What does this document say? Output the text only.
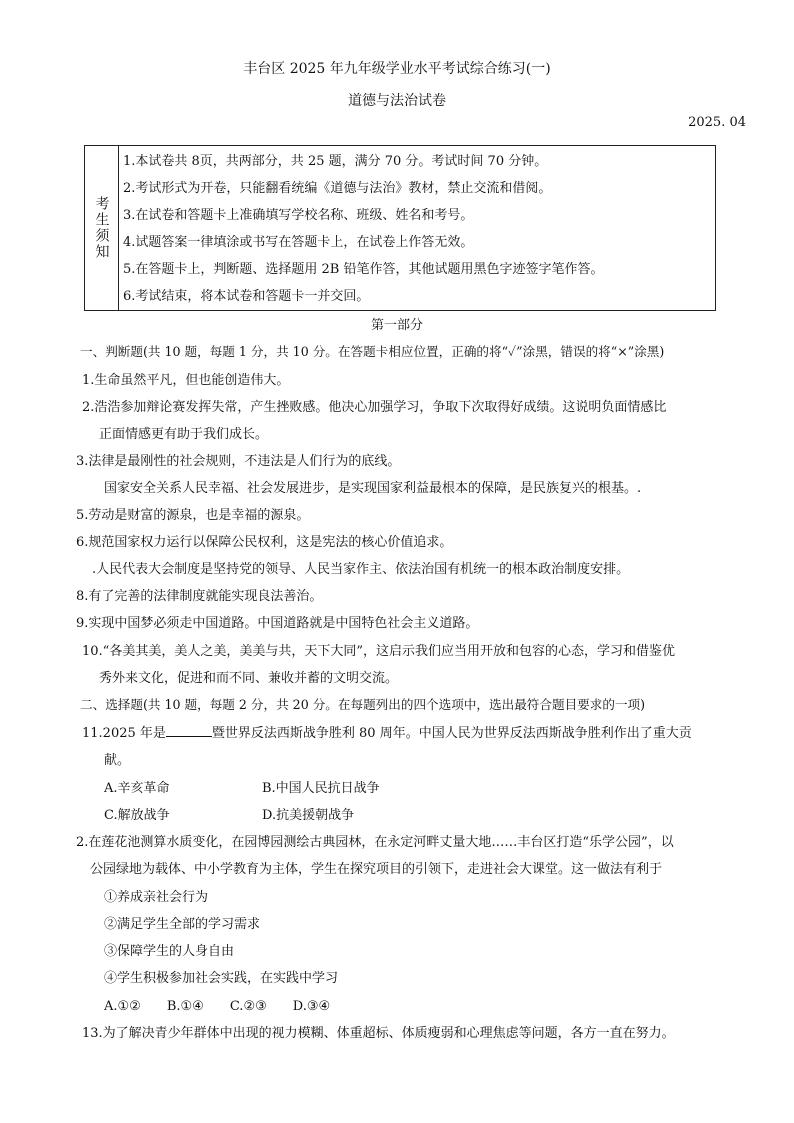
丰台区 2025 年九年级学业水平考试综合练习(一)
道德与法治试卷
2025. 04
考生须知
1.本试卷共 8页，共两部分，共 25 题，满分 70 分。考试时间 70 分钟。
2.考试形式为开卷，只能翻看统编《道德与法治》教材，禁止交流和借阅。
3.在试卷和答题卡上准确填写学校名称、班级、姓名和考号。
4.试题答案一律填涂或书写在答题卡上，在试卷上作答无效。
5.在答题卡上，判断题、选择题用 2B 铅笔作答，其他试题用黑色字迹签字笔作答。
6.考试结束，将本试卷和答题卡一并交回。
第一部分
一、判断题(共 10 题，每题 1 分，共 10 分。在答题卡相应位置，正确的将“✓”涂黑，错误的将“×”涂黑)
1.生命虽然平凡，但也能创造伟大。
2.浩浩参加辩论赛发挥失常，产生挫败感。他决心加强学习，争取下次取得好成绩。这说明负面情感比
正面情感更有助于我们成长。
3.法律是最刚性的社会规则，不违法是人们行为的底线。
国家安全关系人民幸福、社会发展进步，是实现国家利益最根本的保障，是民族复兴的根基。.
5.劳动是财富的源泉，也是幸福的源泉。
6.规范国家权力运行以保障公民权利，这是宪法的核心价值追求。
.人民代表大会制度是坚持党的领导、人民当家作主、依法治国有机统一的根本政治制度安排。
8.有了完善的法律制度就能实现良法善治。
9.实现中国梦必须走中国道路。中国道路就是中国特色社会主义道路。
10.“各美其美，美人之美，美美与共，天下大同”，这启示我们应当用开放和包容的心态，学习和借鉴优
秀外来文化，促进和而不同、兼收并蓄的文明交流。
二、选择题(共 10 题，每题 2 分，共 20 分。在每题列出的四个选项中，选出最符合题目要求的一项)
11.2025 年是	暨世界反法西斯战争胜利 80 周年。中国人民为世界反法西斯战争胜利作出了重大贡
献。
A.辛亥革命	B.中国人民抗日战争
C.解放战争	D.抗美援朝战争
2.在莲花池测算水质变化，在园博园测绘古典园林，在永定河畔丈量大地……丰台区打造“乐学公园”，以
公园绿地为载体、中小学教育为主体，学生在探究项目的引领下，走进社会大课堂。这一做法有利于
①养成亲社会行为
②满足学生全部的学习需求
③保障学生的人身自由
④学生积极参加社会实践，在实践中学习
A.①②　　B.①④　　C.②③　　D.③④
13.为了解决青少年群体中出现的视力模糊、体重超标、体质瘦弱和心理焦虑等问题，各方一直在努力。
